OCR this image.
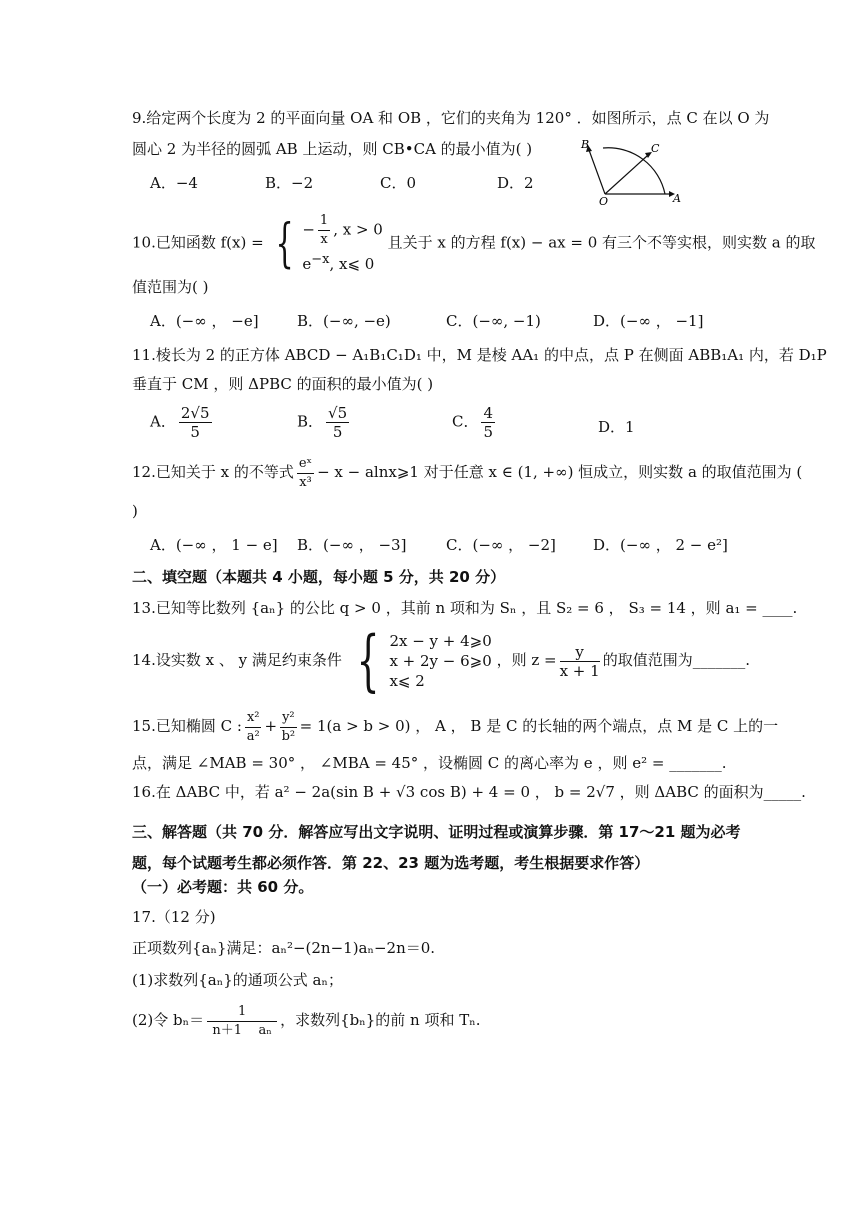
9.给定两个长度为 2 的平面向量 OA 和 OB ，它们的夹角为 120° ．如图所示，点 C 在以 O 为
圆心 2 为半径的圆弧 AB 上运动，则 CB•CA 的最小值为( )
A．−4	B．−2	C．0	D．2
B	C
O	A
10.已知函数 f(x) = { − $\frac{1}{x}$ , x > 0
$e^{-x}$, x⩽ 0
且关于 x 的方程 f(x) − ax = 0 有三个不等实根，则实数 a 的取
值范围为( )
A．(−∞ ， −e]	B．(−∞, −e)	C．(−∞, −1)	D．(−∞ ， −1]
11.棱长为 2 的正方体 ABCD − A₁B₁C₁D₁ 中，M 是棱 AA₁ 的中点，点 P 在侧面 ABB₁A₁ 内，若 D₁P
垂直于 CM ，则 ΔPBC 的面积的最小值为( )
A． $\frac{2√5}{5}$	B． $\frac{√5}{5}$	C． $\frac{4}{5}$	D．1
12.已知关于 x 的不等式 $\frac{\text{eˣ}}{\text{x³}} - x$ − alnx⩾1 对于任意 x ∈ (1, +∞) 恒成立，则实数 a 的取值范围为 (
)
A．(−∞ ， 1 − e] B．(−∞ ， −3]	C．(−∞ ， −2] D．(−∞ ， 2 − e²]
二、填空题（本题共 4 小题，每小题 5 分，共 20 分）
13.已知等比数列 {aₙ} 的公比 q > 0 ，其前 n 项和为 Sₙ ，且 S₂ = 6 ， S₃ = 14 ，则 a₁ = ____.
14.设实数 x 、 y 满足约束条件 { 2x − y + 4⩾0
x + 2y − 6⩾0
x⩽ 2
，则 $z = \frac{y}{x + 1}$ 的取值范围为_______.
15.已知椭圆 C : $\frac{\text{x²}}{\text{a²}} + \frac{\text{y²}}{\text{b²}} = 1(a > b > 0)$ ， A ， B 是 C 的长轴的两个端点，点 M 是 C 上的一
点，满足 ∠MAB = 30° ， ∠MBA = 45° ，设椭圆 C 的离心率为 e ，则 e² = _______.
16.在 ΔABC 中，若 a² − 2a(sin B + √3 cos B) + 4 = 0 ， b = 2√7 ，则 ΔABC 的面积为_____.
三、解答题（共 70 分．解答应写出文字说明、证明过程或演算步骤．第 17～21 题为必考
题，每个试题考生都必须作答．第 22、23 题为选考题，考生根据要求作答）
（一）必考题：共 60 分。
17.（12 分)
正项数列{aₙ}满足：aₙ²−(2n−1)aₙ−2n＝0.
(1)求数列{aₙ}的通项公式 aₙ；
(2)令 $b_n= \frac{1}{\text{n＋1    aₙ}}$ ，求数列{bₙ}的前 n 项和 Tₙ.
